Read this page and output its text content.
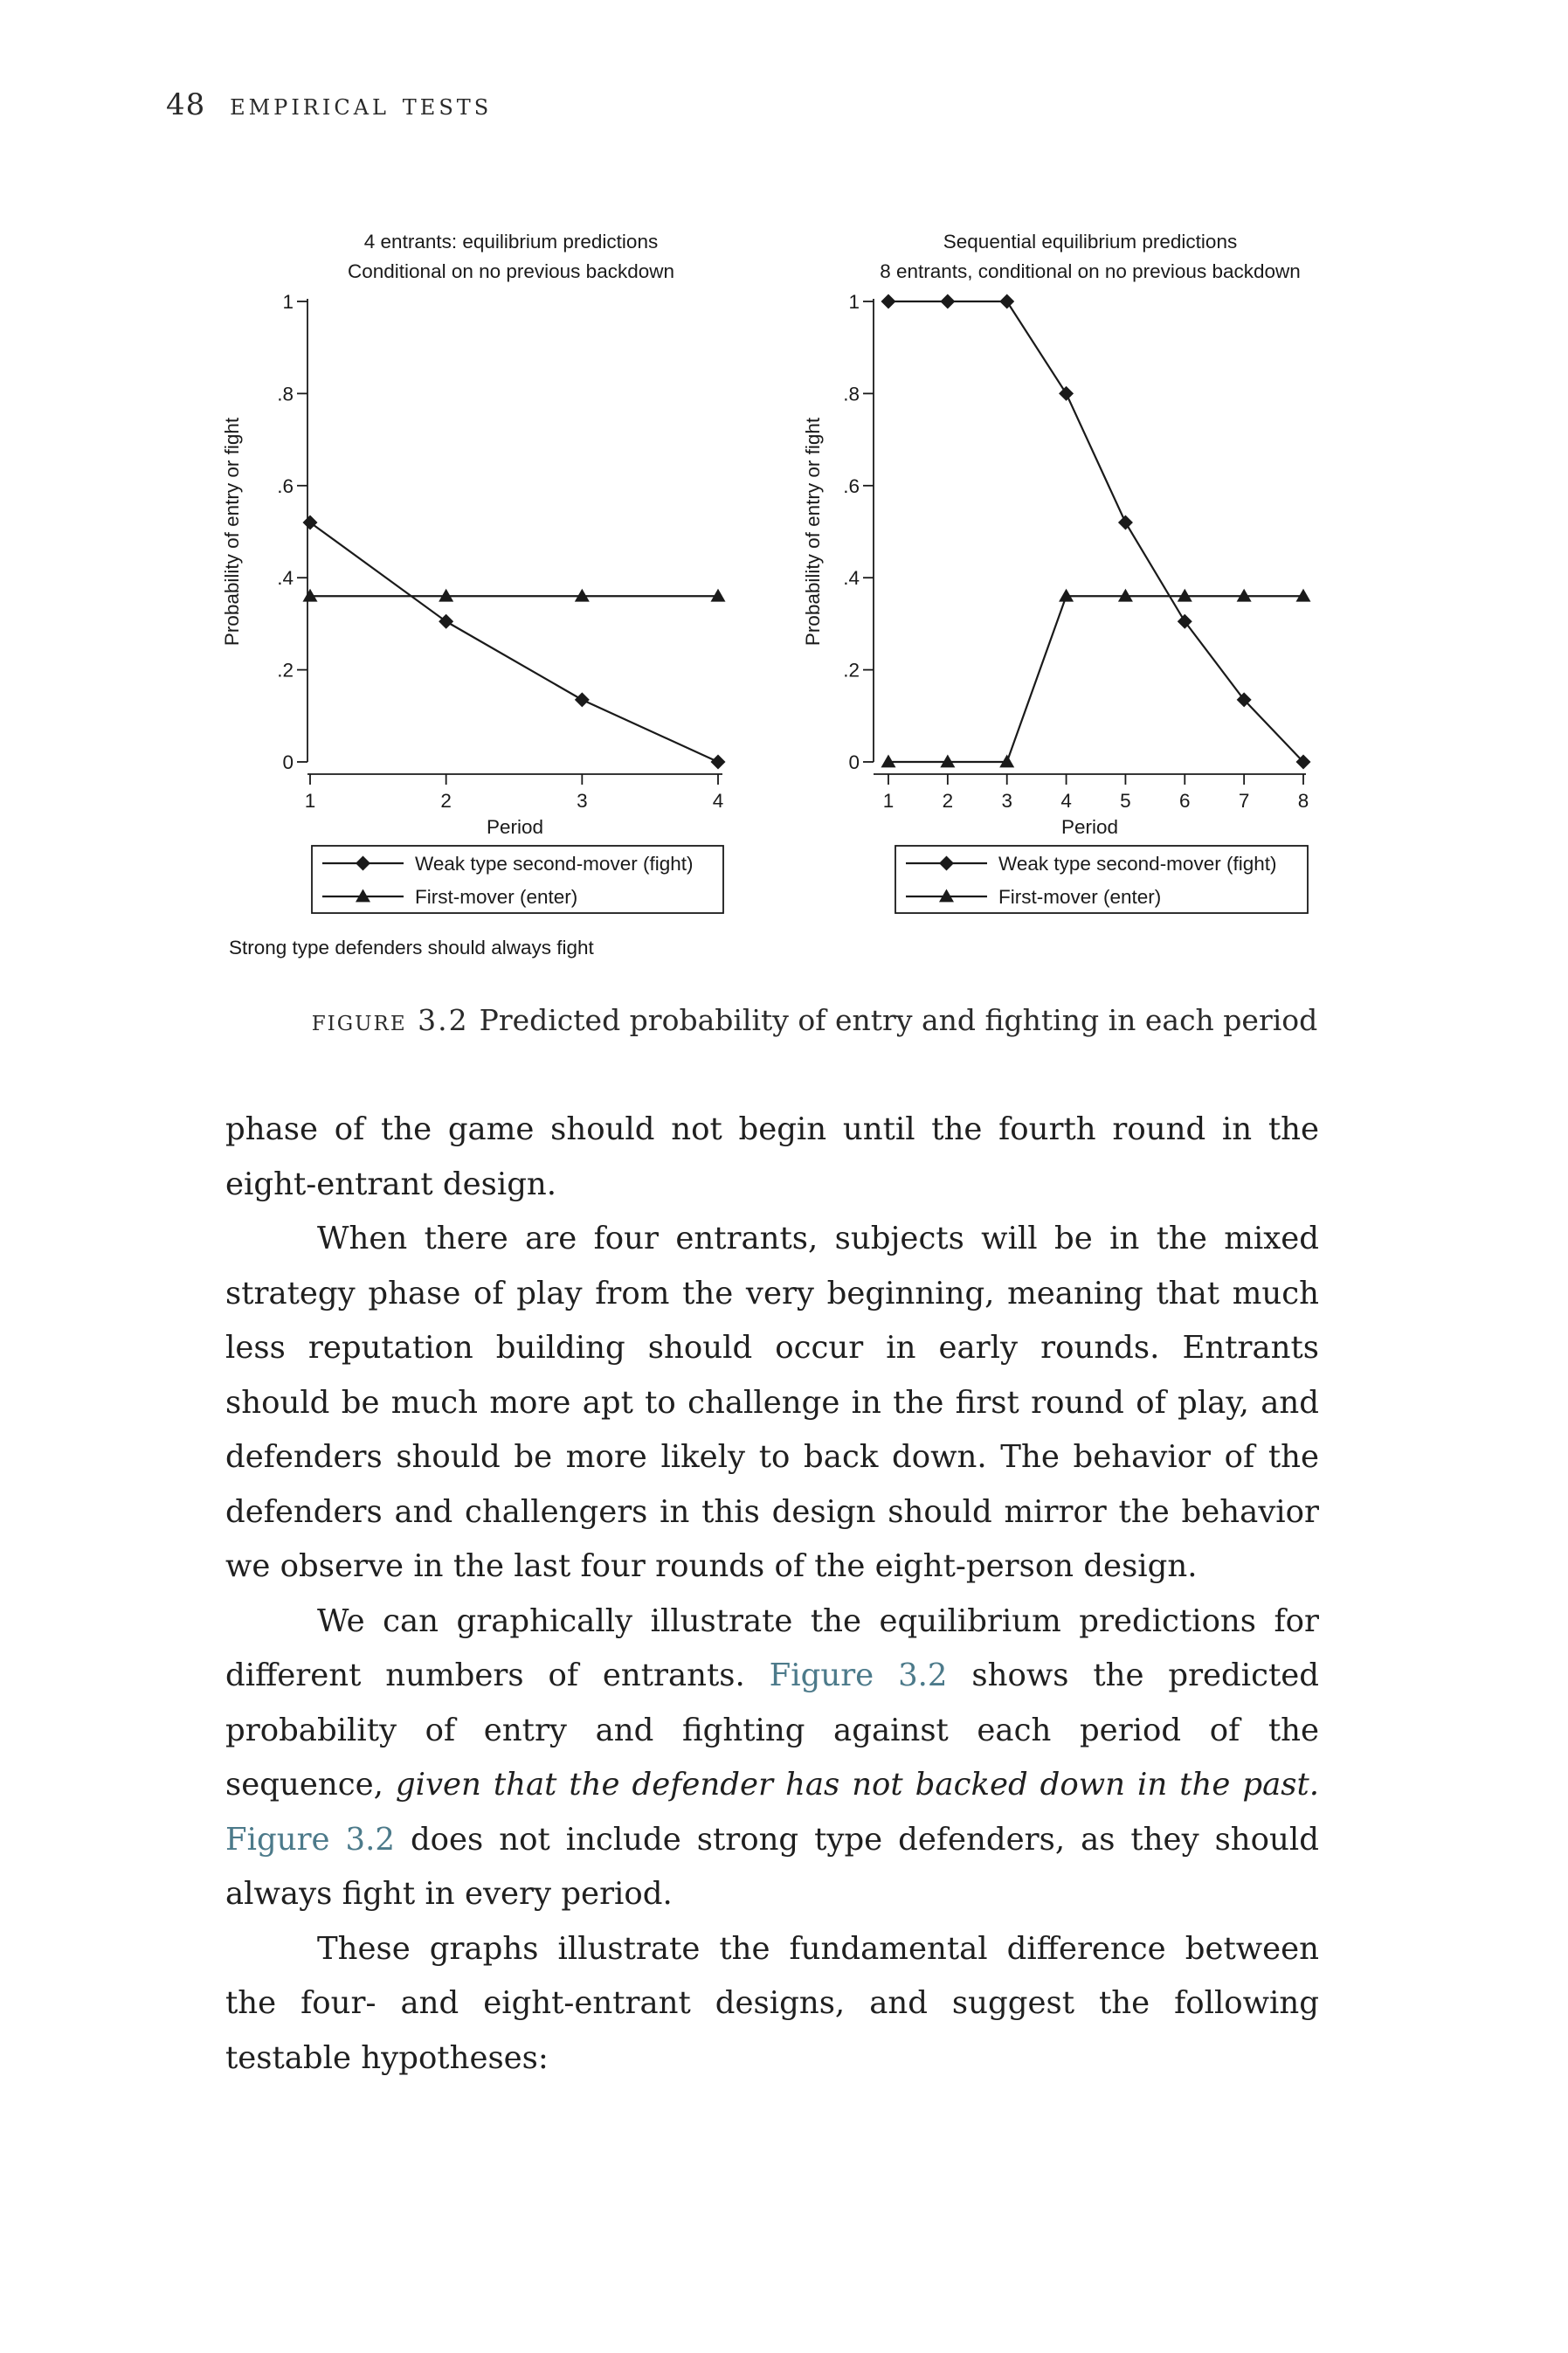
48 empirical tests
4 entrants: equilibrium predictions
Conditional on no previous backdown
0
.2
.4
.6
.8
1
1	2	3	4
Period
Probability of entry or fight
Weak type second-mover (fight)
First-mover (enter)
Strong type defenders should always fight
Sequential equilibrium predictions
8 entrants, conditional on no previous backdown
0
.2
.4
.6
.8
1
1 2 3 4 5 6 7 8
Period
Probability of entry or fight
Weak type second-mover (fight)
First-mover (enter)
figure 3.2 Predicted probability of entry and fighting in each period

phase of the game should not begin until the fourth round in the eight-entrant design.

When there are four entrants, subjects will be in the mixed strategy phase of play from the very beginning, meaning that much less reputation building should occur in early rounds. Entrants should be much more apt to challenge in the first round of play, and defenders should be more likely to back down. The behavior of the defenders and challengers in this design should mirror the behavior we observe in the last four rounds of the eight-person design.

We can graphically illustrate the equilibrium predictions for different numbers of entrants. Figure 3.2 shows the predicted probability of entry and fighting against each period of the sequence, given that the defender has not backed down in the past. Figure 3.2 does not include strong type defenders, as they should always fight in every period.

These graphs illustrate the fundamental difference between the four- and eight-entrant designs, and suggest the following testable hypotheses:
